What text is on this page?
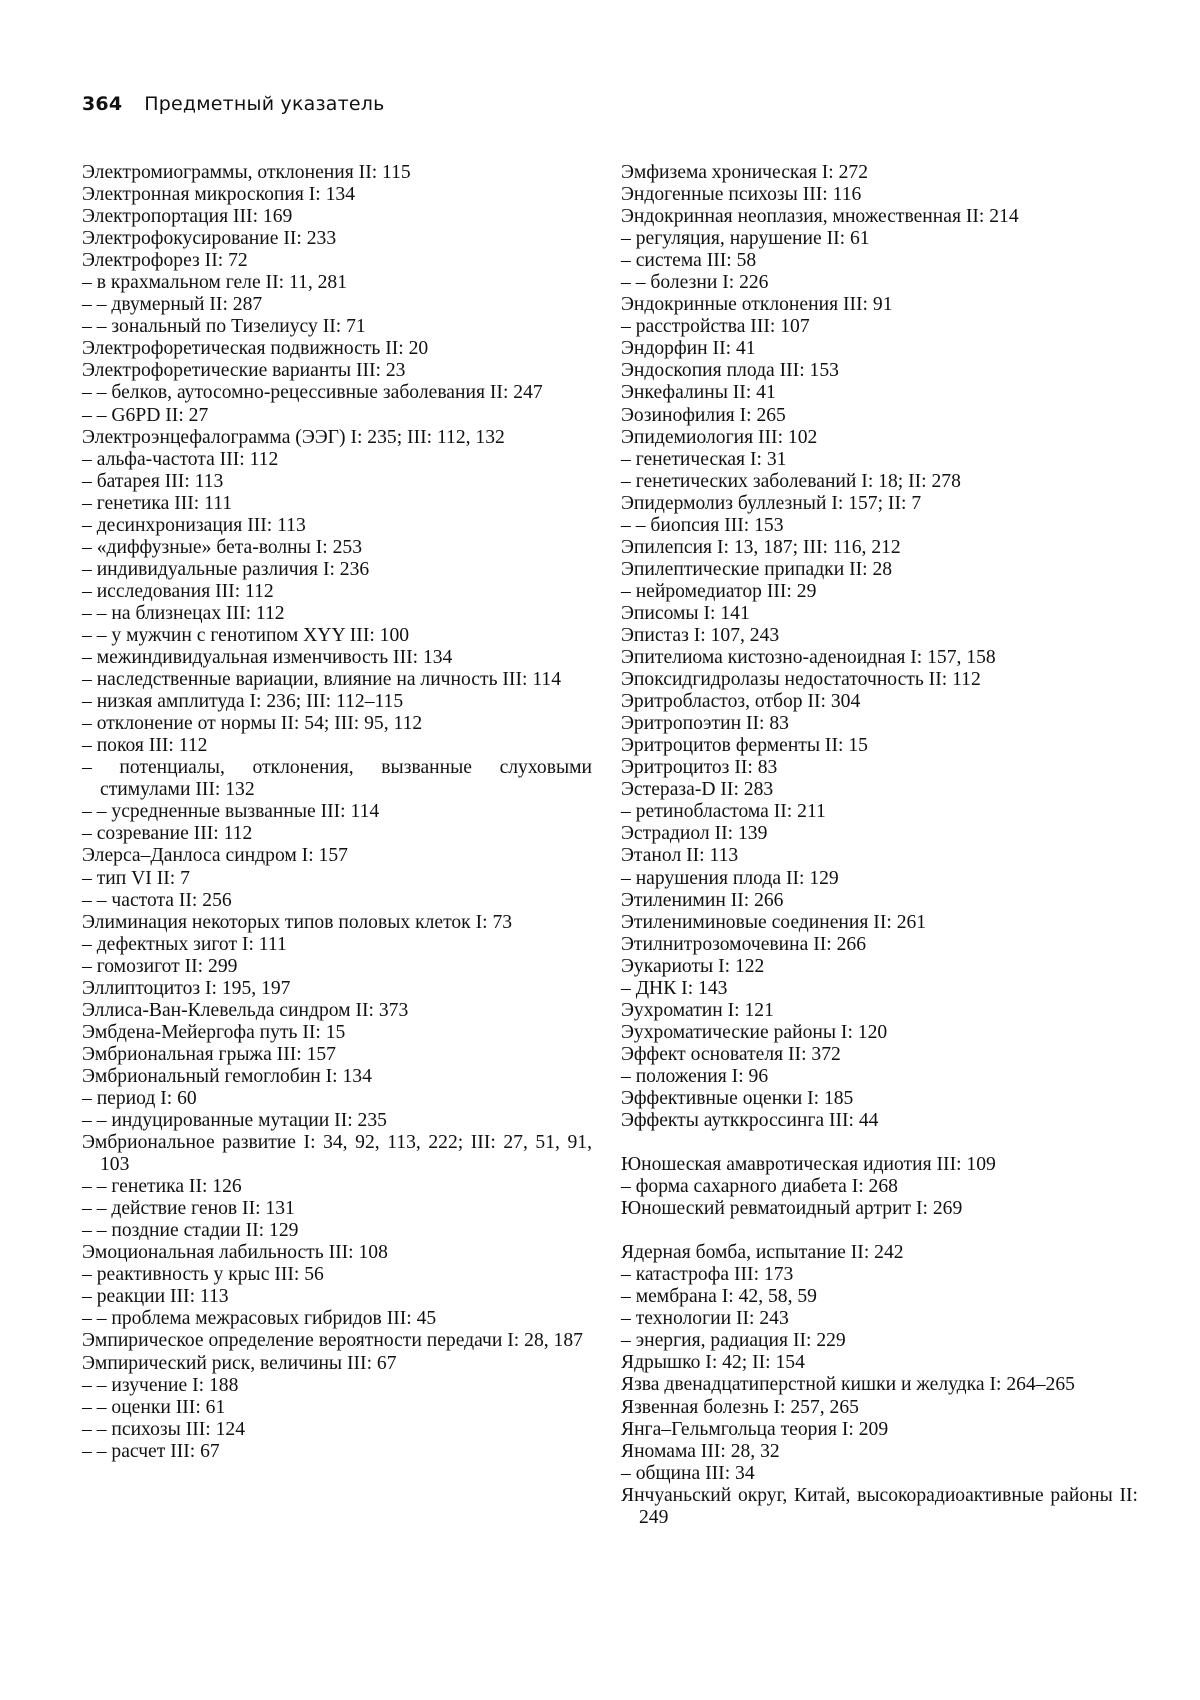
364 Предметный указатель
Электромиограммы, отклонения II: 115
Электронная микроскопия I: 134
Электропортация III: 169
Электрофокусирование II: 233
Электрофорез II: 72
– в крахмальном геле II: 11, 281
– – двумерный II: 287
– – зональный по Тизелиусу II: 71
Электрофоретическая подвижность II: 20
Электрофоретические варианты III: 23
– – белков, аутосомно-рецессивные заболевания II: 247
– – G6PD II: 27
Электроэнцефалограмма (ЭЭГ) I: 235; III: 112, 132
– альфа-частота III: 112
– батарея III: 113
– генетика III: 111
– десинхронизация III: 113
– «диффузные» бета-волны I: 253
– индивидуальные различия I: 236
– исследования III: 112
– – на близнецах III: 112
– – у мужчин с генотипом XYY III: 100
– межиндивидуальная изменчивость III: 134
– наследственные вариации, влияние на личность III: 114
– низкая амплитуда I: 236; III: 112–115
– отклонение от нормы II: 54; III: 95, 112
– покоя III: 112
– потенциалы, отклонения, вызванные слуховыми стимулами III: 132
– – усредненные вызванные III: 114
– созревание III: 112
Элерса–Данлоса синдром I: 157
– тип VI II: 7
– – частота II: 256
Элиминация некоторых типов половых клеток I: 73
– дефектных зигот I: 111
– гомозигот II: 299
Эллиптоцитоз I: 195, 197
Эллиса-Ван-Клевельда синдром II: 373
Эмбдена-Мейергофа путь II: 15
Эмбриональная грыжа III: 157
Эмбриональный гемоглобин I: 134
– период I: 60
– – индуцированные мутации II: 235
Эмбриональное развитие I: 34, 92, 113, 222; III: 27, 51, 91, 103
– – генетика II: 126
– – действие генов II: 131
– – поздние стадии II: 129
Эмоциональная лабильность III: 108
– реактивность у крыс III: 56
– реакции III: 113
– – проблема межрасовых гибридов III: 45
Эмпирическое определение вероятности передачи I: 28, 187
Эмпирический риск, величины III: 67
– – изучение I: 188
– – оценки III: 61
– – психозы III: 124
– – расчет III: 67
Эмфизема хроническая I: 272
Эндогенные психозы III: 116
Эндокринная неоплазия, множественная II: 214
– регуляция, нарушение II: 61
– система III: 58
– – болезни I: 226
Эндокринные отклонения III: 91
– расстройства III: 107
Эндорфин II: 41
Эндоскопия плода III: 153
Энкефалины II: 41
Эозинофилия I: 265
Эпидемиология III: 102
– генетическая I: 31
– генетических заболеваний I: 18; II: 278
Эпидермолиз буллезный I: 157; II: 7
– – биопсия III: 153
Эпилепсия I: 13, 187; III: 116, 212
Эпилептические припадки II: 28
– нейромедиатор III: 29
Эписомы I: 141
Эпистаз I: 107, 243
Эпителиома кистозно-аденоидная I: 157, 158
Эпоксидгидролазы недостаточность II: 112
Эритробластоз, отбор II: 304
Эритропоэтин II: 83
Эритроцитов ферменты II: 15
Эритроцитоз II: 83
Эстераза-D II: 283
– ретинобластома II: 211
Эстрадиол II: 139
Этанол II: 113
– нарушения плода II: 129
Этиленимин II: 266
Этилениминовые соединения II: 261
Этилнитрозомочевина II: 266
Эукариоты I: 122
– ДНК I: 143
Эухроматин I: 121
Эухроматические районы I: 120
Эффект основателя II: 372
– положения I: 96
Эффективные оценки I: 185
Эффекты аутккроссинга III: 44
Юношеская амавротическая идиотия III: 109
– форма сахарного диабета I: 268
Юношеский ревматоидный артрит I: 269
Ядерная бомба, испытание II: 242
– катастрофа III: 173
– мембрана I: 42, 58, 59
– технологии II: 243
– энергия, радиация II: 229
Ядрышко I: 42; II: 154
Язва двенадцатиперстной кишки и желудка I: 264–265
Язвенная болезнь I: 257, 265
Янга–Гельмгольца теория I: 209
Яномама III: 28, 32
– община III: 34
Янчуаньский округ, Китай, высокорадиоактивные районы II: 249
